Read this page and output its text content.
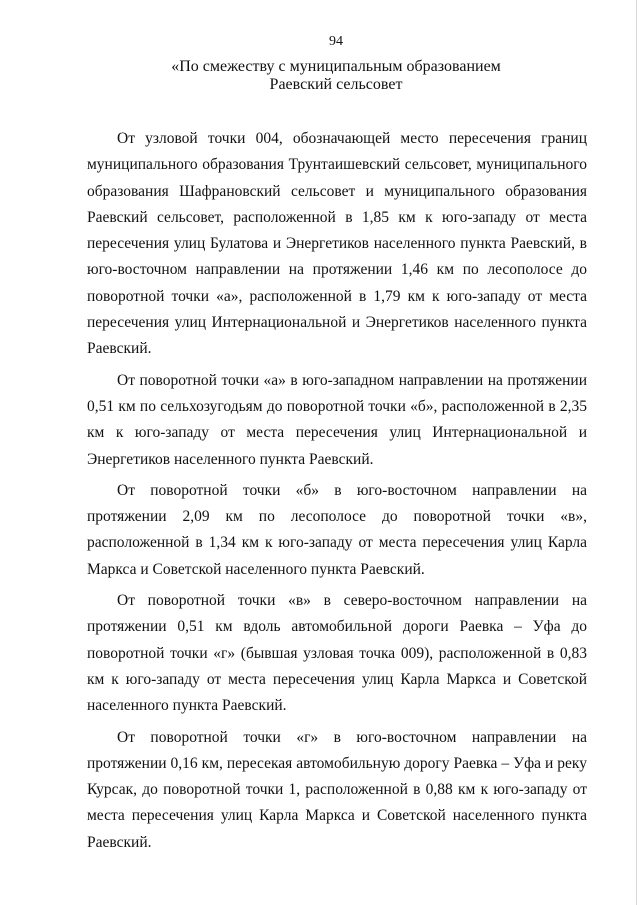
94
«По смежеству с муниципальным образованием
Раевский сельсовет

От узловой точки 004, обозначающей место пересечения границ муниципального образования Трунтаишевский сельсовет, муниципального образования Шафрановский сельсовет и муниципального образования Раевский сельсовет, расположенной в 1,85 км к юго-западу от места пересечения улиц Булатова и Энергетиков населенного пункта Раевский, в юго-восточном направлении на протяжении 1,46 км по лесополосе до поворотной точки «а», расположенной в 1,79 км к юго-западу от места пересечения улиц Интернациональной и Энергетиков населенного пункта Раевский.

От поворотной точки «а» в юго-западном направлении на протяжении 0,51 км по сельхозугодьям до поворотной точки «б», расположенной в 2,35 км к юго-западу от места пересечения улиц Интернациональной и Энергетиков населенного пункта Раевский.

От поворотной точки «б» в юго-восточном направлении на протяжении 2,09 км по лесополосе до поворотной точки «в», расположенной в 1,34 км к юго-западу от места пересечения улиц Карла Маркса и Советской населенного пункта Раевский.

От поворотной точки «в» в северо-восточном направлении на протяжении 0,51 км вдоль автомобильной дороги Раевка – Уфа до поворотной точки «г» (бывшая узловая точка 009), расположенной в 0,83 км к юго-западу от места пересечения улиц Карла Маркса и Советской населенного пункта Раевский.

От поворотной точки «г» в юго-восточном направлении на протяжении 0,16 км, пересекая автомобильную дорогу Раевка – Уфа и реку Курсак, до поворотной точки 1, расположенной в 0,88 км к юго-западу от места пересечения улиц Карла Маркса и Советской населенного пункта Раевский.
